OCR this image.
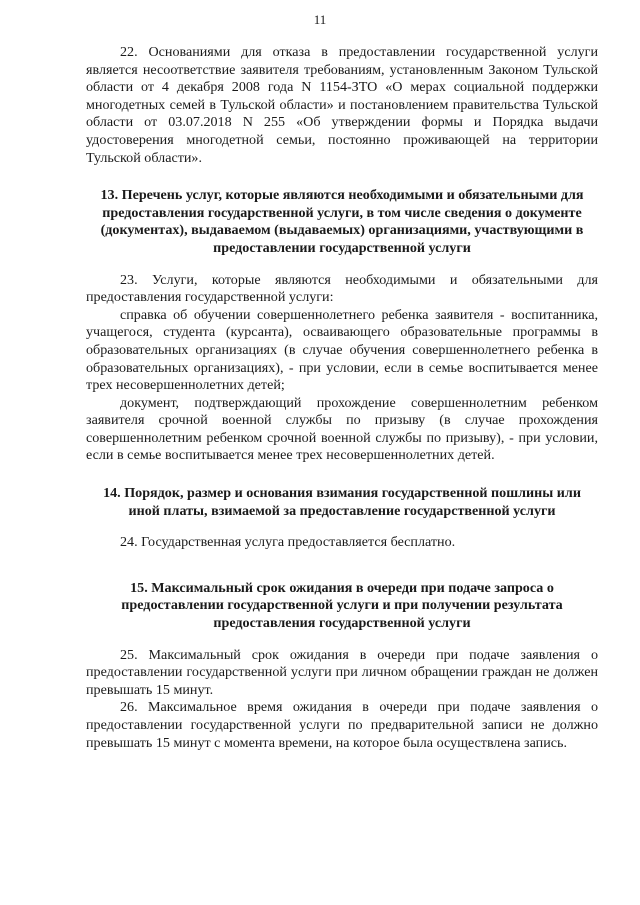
11

22. Основаниями для отказа в предоставлении государственной услуги является несоответствие заявителя требованиям, установленным Законом Тульской области от 4 декабря 2008 года N 1154-ЗТО «О мерах социальной поддержки многодетных семей в Тульской области» и постановлением правительства Тульской области от 03.07.2018 N 255 «Об утверждении формы и Порядка выдачи удостоверения многодетной семьи, постоянно проживающей на территории Тульской области».

13. Перечень услуг, которые являются необходимыми и обязательными для предоставления государственной услуги, в том числе сведения о документе (документах), выдаваемом (выдаваемых) организациями, участвующими в предоставлении государственной услуги

23. Услуги, которые являются необходимыми и обязательными для предоставления государственной услуги:

справка об обучении совершеннолетнего ребенка заявителя - воспитанника, учащегося, студента (курсанта), осваивающего образовательные программы в образовательных организациях (в случае обучения совершеннолетнего ребенка в образовательных организациях), - при условии, если в семье воспитывается менее трех несовершеннолетних детей;

документ, подтверждающий прохождение совершеннолетним ребенком заявителя срочной военной службы по призыву (в случае прохождения совершеннолетним ребенком срочной военной службы по призыву), - при условии, если в семье воспитывается менее трех несовершеннолетних детей.

14. Порядок, размер и основания взимания государственной пошлины или иной платы, взимаемой за предоставление государственной услуги

24. Государственная услуга предоставляется бесплатно.

15. Максимальный срок ожидания в очереди при подаче запроса о предоставлении государственной услуги и при получении результата предоставления государственной услуги

25. Максимальный срок ожидания в очереди при подаче заявления о предоставлении государственной услуги при личном обращении граждан не должен превышать 15 минут.

26. Максимальное время ожидания в очереди при подаче заявления о предоставлении государственной услуги по предварительной записи не должно превышать 15 минут с момента времени, на которое была осуществлена запись.
